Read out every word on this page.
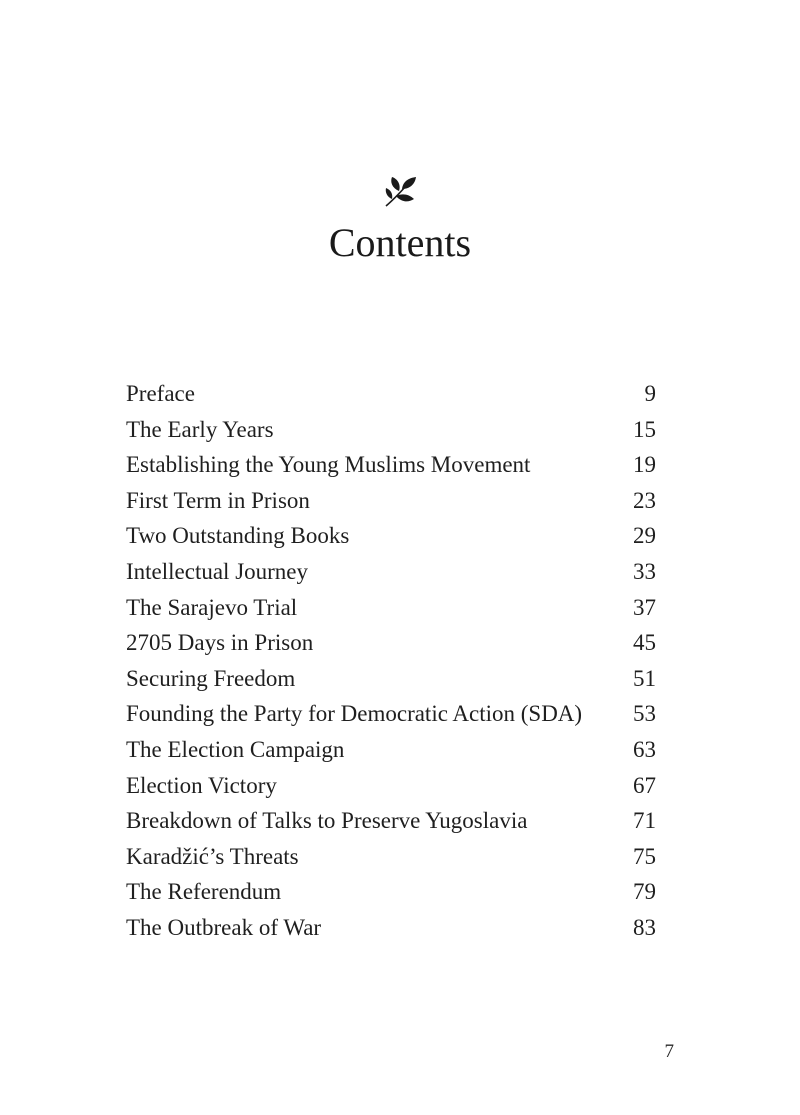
Contents
Preface	9
The Early Years	15
Establishing the Young Muslims Movement	19
First Term in Prison	23
Two Outstanding Books	29
Intellectual Journey	33
The Sarajevo Trial	37
2705 Days in Prison	45
Securing Freedom	51
Founding the Party for Democratic Action (SDA)	53
The Election Campaign	63
Election Victory	67
Breakdown of Talks to Preserve Yugoslavia	71
Karadžić’s Threats	75
The Referendum	79
The Outbreak of War	83
7
